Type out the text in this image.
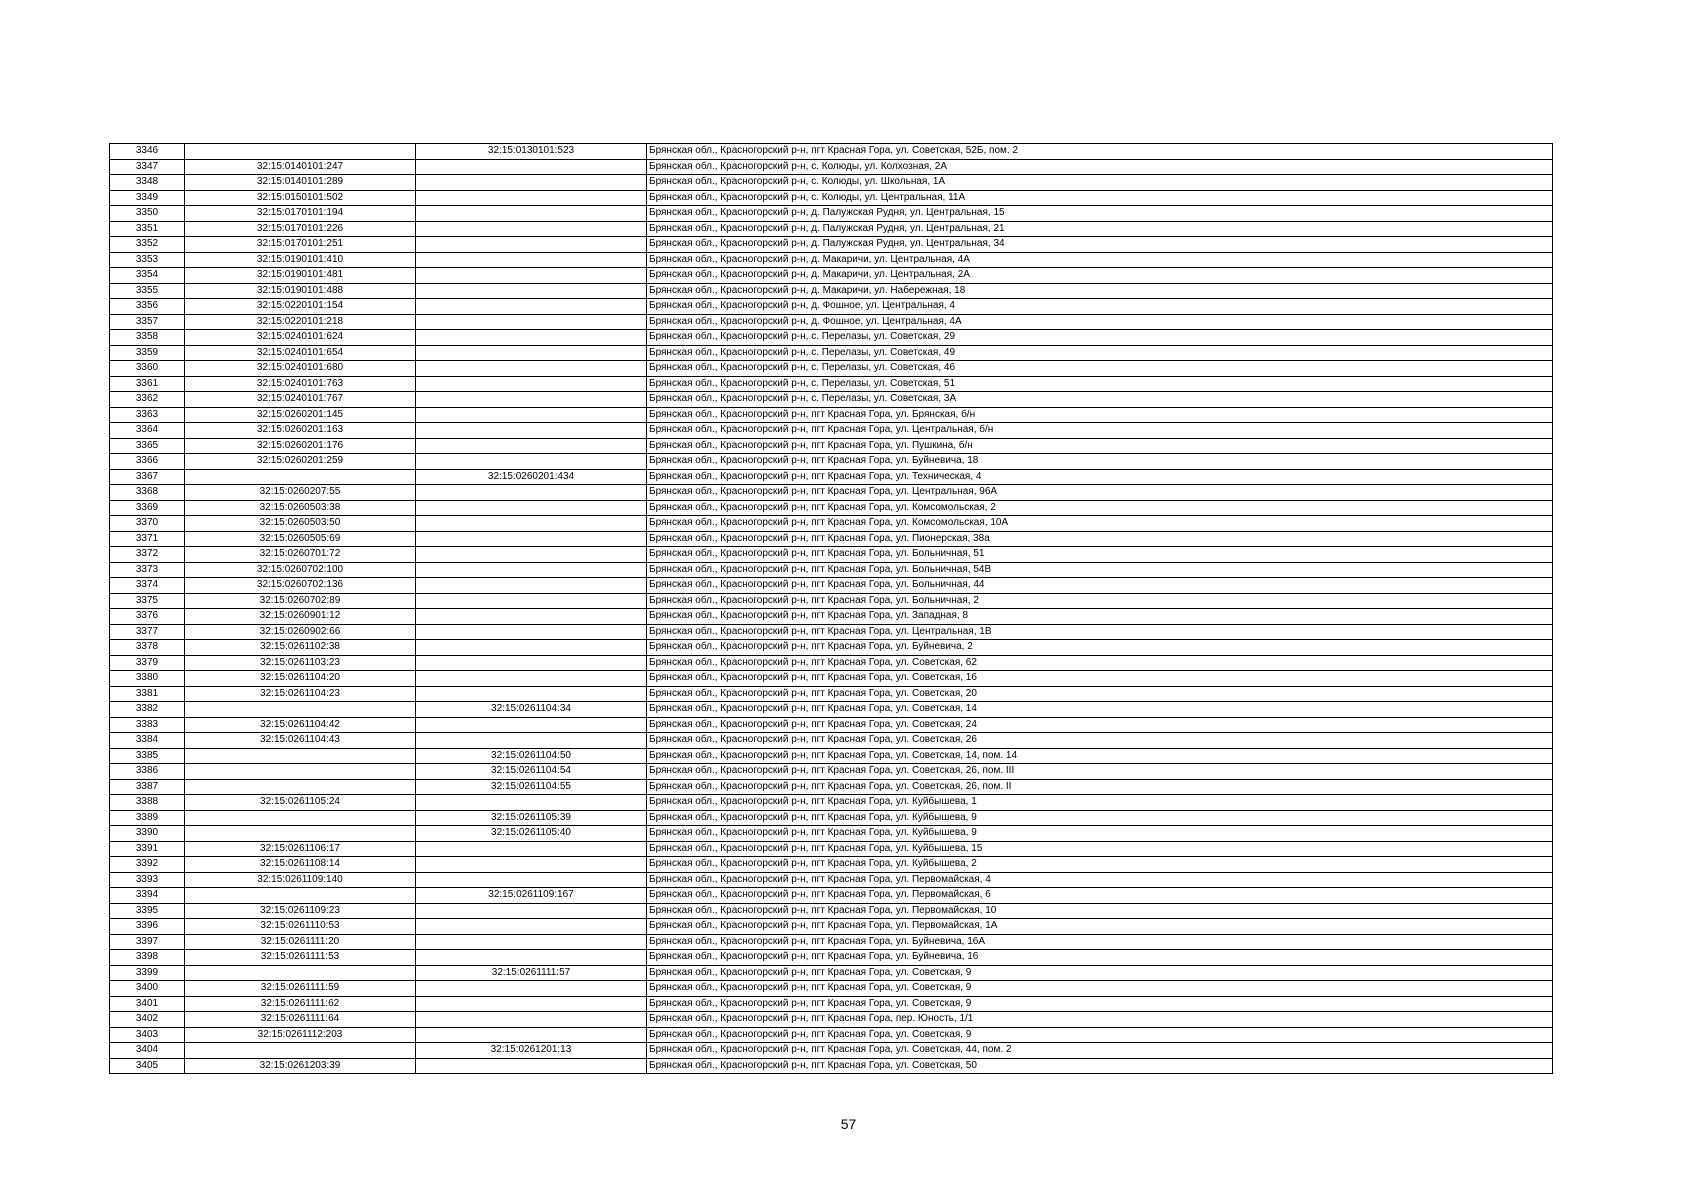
3346		32:15:0130101:523	Брянская обл., Красногорский р-н, пгт Красная Гора, ул. Советская, 52Б, пом. 2
3347	32:15:0140101:247		Брянская обл., Красногорский р-н, с. Колюды, ул. Колхозная, 2А
3348	32:15:0140101:289		Брянская обл., Красногорский р-н, с. Колюды, ул. Школьная, 1А
3349	32:15:0150101:502		Брянская обл., Красногорский р-н, с. Колюды, ул. Центральная, 11А
3350	32:15:0170101:194		Брянская обл., Красногорский р-н, д. Палужская Рудня, ул. Центральная, 15
3351	32:15:0170101:226		Брянская обл., Красногорский р-н, д. Палужская Рудня, ул. Центральная, 21
3352	32:15:0170101:251		Брянская обл., Красногорский р-н, д. Палужская Рудня, ул. Центральная, 34
3353	32:15:0190101:410		Брянская обл., Красногорский р-н, д. Макаричи, ул. Центральная, 4А
3354	32:15:0190101:481		Брянская обл., Красногорский р-н, д. Макаричи, ул. Центральная, 2А
3355	32:15:0190101:488		Брянская обл., Красногорский р-н, д. Макаричи, ул. Набережная, 18
3356	32:15:0220101:154		Брянская обл., Красногорский р-н, д. Фошное, ул. Центральная, 4
3357	32:15:0220101:218		Брянская обл., Красногорский р-н, д. Фошное, ул. Центральная, 4А
3358	32:15:0240101:624		Брянская обл., Красногорский р-н, с. Перелазы, ул. Советская, 29
3359	32:15:0240101:654		Брянская обл., Красногорский р-н, с. Перелазы, ул. Советская, 49
3360	32:15:0240101:680		Брянская обл., Красногорский р-н, с. Перелазы, ул. Советская, 46
3361	32:15:0240101:763		Брянская обл., Красногорский р-н, с. Перелазы, ул. Советская, 51
3362	32:15:0240101:767		Брянская обл., Красногорский р-н, с. Перелазы, ул. Советская, 3А
3363	32:15:0260201:145		Брянская обл., Красногорский р-н, пгт Красная Гора, ул. Брянская, б/н
3364	32:15:0260201:163		Брянская обл., Красногорский р-н, пгт Красная Гора, ул. Центральная, б/н
3365	32:15:0260201:176		Брянская обл., Красногорский р-н, пгт Красная Гора, ул. Пушкина, б/н
3366	32:15:0260201:259		Брянская обл., Красногорский р-н, пгт Красная Гора, ул. Буйневича, 18
3367		32:15:0260201:434	Брянская обл., Красногорский р-н, пгт Красная Гора, ул. Техническая, 4
3368	32:15:0260207:55		Брянская обл., Красногорский р-н, пгт Красная Гора, ул. Центральная, 96А
3369	32:15:0260503:38		Брянская обл., Красногорский р-н, пгт Красная Гора, ул. Комсомольская, 2
3370	32:15:0260503:50		Брянская обл., Красногорский р-н, пгт Красная Гора, ул. Комсомольская, 10А
3371	32:15:0260505:69		Брянская обл., Красногорский р-н, пгт Красная Гора, ул. Пионерская, 38а
3372	32:15:0260701:72		Брянская обл., Красногорский р-н, пгт Красная Гора, ул. Больничная, 51
3373	32:15:0260702:100		Брянская обл., Красногорский р-н, пгт Красная Гора, ул. Больничная, 54В
3374	32:15:0260702:136		Брянская обл., Красногорский р-н, пгт Красная Гора, ул. Больничная, 44
3375	32:15:0260702:89		Брянская обл., Красногорский р-н, пгт Красная Гора, ул. Больничная, 2
3376	32:15:0260901:12		Брянская обл., Красногорский р-н, пгт Красная Гора, ул. Западная, 8
3377	32:15:0260902:66		Брянская обл., Красногорский р-н, пгт Красная Гора, ул. Центральная, 1В
3378	32:15:0261102:38		Брянская обл., Красногорский р-н, пгт Красная Гора, ул. Буйневича, 2
3379	32:15:0261103:23		Брянская обл., Красногорский р-н, пгт Красная Гора, ул. Советская, 62
3380	32:15:0261104:20		Брянская обл., Красногорский р-н, пгт Красная Гора, ул. Советская, 16
3381	32:15:0261104:23		Брянская обл., Красногорский р-н, пгт Красная Гора, ул. Советская, 20
3382		32:15:0261104:34	Брянская обл., Красногорский р-н, пгт Красная Гора, ул. Советская, 14
3383	32:15:0261104:42		Брянская обл., Красногорский р-н, пгт Красная Гора, ул. Советская, 24
3384	32:15:0261104:43		Брянская обл., Красногорский р-н, пгт Красная Гора, ул. Советская, 26
3385		32:15:0261104:50	Брянская обл., Красногорский р-н, пгт Красная Гора, ул. Советская, 14, пом. 14
3386		32:15:0261104:54	Брянская обл., Красногорский р-н, пгт Красная Гора, ул. Советская, 26, пом. III
3387		32:15:0261104:55	Брянская обл., Красногорский р-н, пгт Красная Гора, ул. Советская, 26, пом. II
3388	32:15:0261105:24		Брянская обл., Красногорский р-н, пгт Красная Гора, ул. Куйбышева, 1
3389		32:15:0261105:39	Брянская обл., Красногорский р-н, пгт Красная Гора, ул. Куйбышева, 9
3390		32:15:0261105:40	Брянская обл., Красногорский р-н, пгт Красная Гора, ул. Куйбышева, 9
3391	32:15:0261106:17		Брянская обл., Красногорский р-н, пгт Красная Гора, ул. Куйбышева, 15
3392	32:15:0261108:14		Брянская обл., Красногорский р-н, пгт Красная Гора, ул. Куйбышева, 2
3393	32:15:0261109:140		Брянская обл., Красногорский р-н, пгт Красная Гора, ул. Первомайская, 4
3394		32:15:0261109:167	Брянская обл., Красногорский р-н, пгт Красная Гора, ул. Первомайская, 6
3395	32:15:0261109:23		Брянская обл., Красногорский р-н, пгт Красная Гора, ул. Первомайская, 10
3396	32:15:0261110:53		Брянская обл., Красногорский р-н, пгт Красная Гора, ул. Первомайская, 1А
3397	32:15:0261111:20		Брянская обл., Красногорский р-н, пгт Красная Гора, ул. Буйневича, 16А
3398	32:15:0261111:53		Брянская обл., Красногорский р-н, пгт Красная Гора, ул. Буйневича, 16
3399		32:15:0261111:57	Брянская обл., Красногорский р-н, пгт Красная Гора, ул. Советская, 9
3400	32:15:0261111:59		Брянская обл., Красногорский р-н, пгт Красная Гора, ул. Советская, 9
3401	32:15:0261111:62		Брянская обл., Красногорский р-н, пгт Красная Гора, ул. Советская, 9
3402	32:15:0261111:64		Брянская обл., Красногорский р-н, пгт Красная Гора, пер. Юность, 1/1
3403	32:15:0261112:203		Брянская обл., Красногорский р-н, пгт Красная Гора, ул. Советская, 9
3404		32:15:0261201:13	Брянская обл., Красногорский р-н, пгт Красная Гора, ул. Советская, 44, пом. 2
3405	32:15:0261203:39		Брянская обл., Красногорский р-н, пгт Красная Гора, ул. Советская, 50
57
